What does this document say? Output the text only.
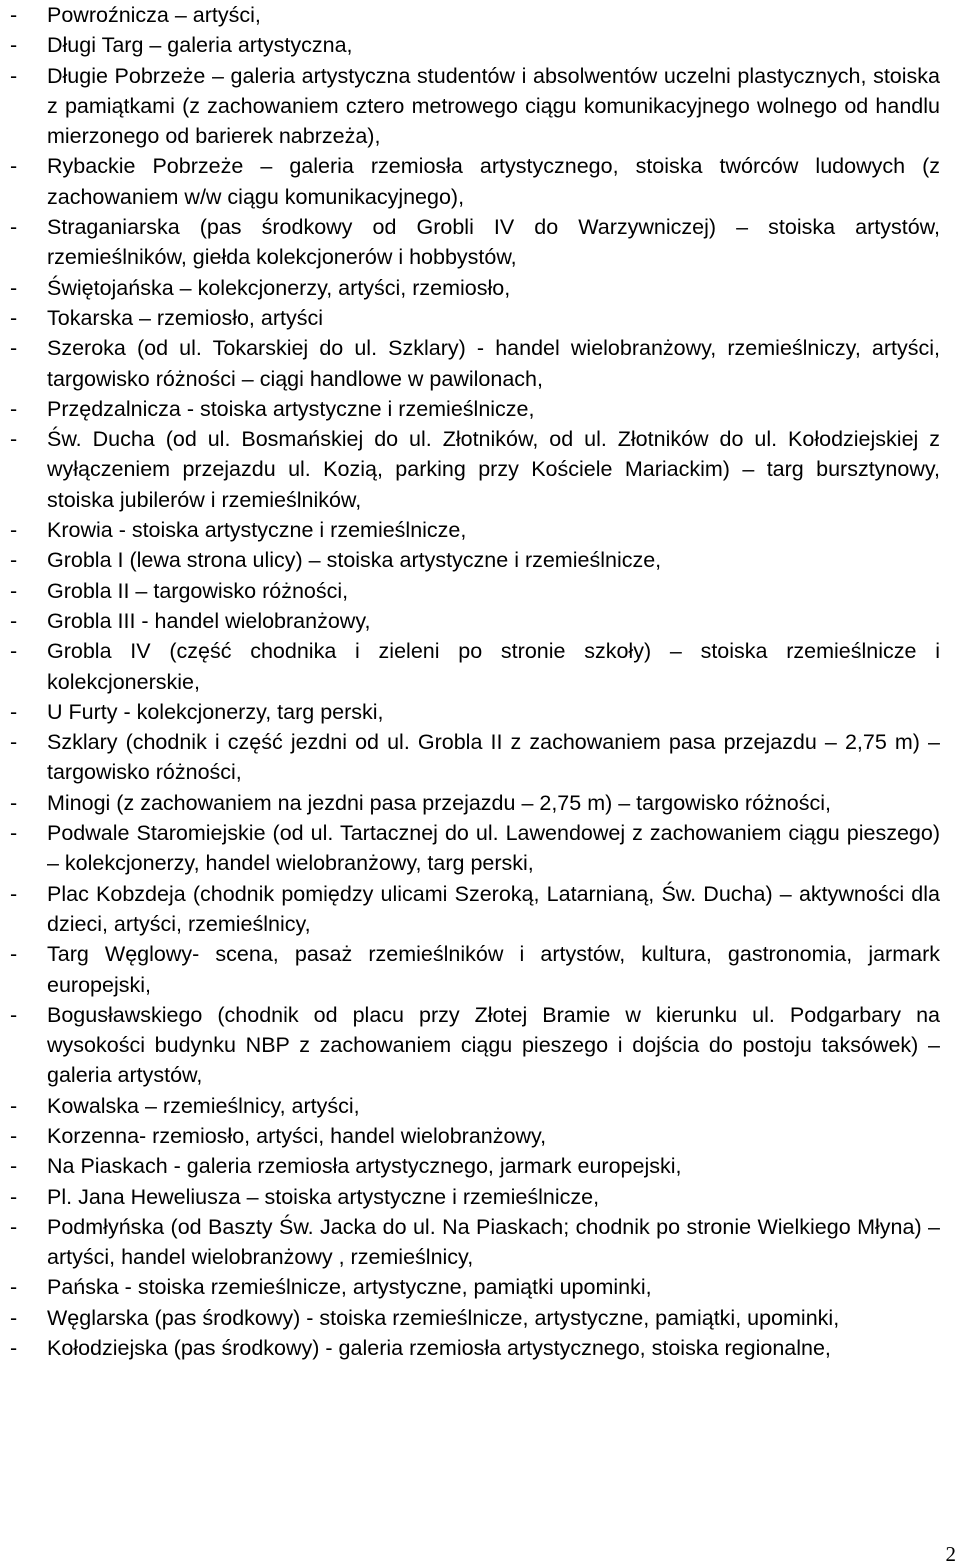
-	Powroźnicza – artyści,
-	Długi Targ – galeria artystyczna,
-	Długie Pobrzeże – galeria artystyczna studentów i absolwentów uczelni plastycznych, stoiska z pamiątkami (z zachowaniem cztero metrowego ciągu komunikacyjnego wolnego od handlu mierzonego od barierek nabrzeża),
-	Rybackie Pobrzeże – galeria rzemiosła artystycznego, stoiska twórców ludowych (z zachowaniem w/w ciągu komunikacyjnego),
-	Straganiarska (pas środkowy od Grobli IV do Warzywniczej) – stoiska artystów, rzemieślników, giełda kolekcjonerów i hobbystów,
-	Świętojańska – kolekcjonerzy, artyści, rzemiosło,
-	Tokarska – rzemiosło, artyści
-	Szeroka (od ul. Tokarskiej do ul. Szklary) - handel wielobranżowy, rzemieślniczy, artyści, targowisko różności – ciągi handlowe w pawilonach,
-	Przędzalnicza - stoiska artystyczne i rzemieślnicze,
-	Św. Ducha (od ul. Bosmańskiej do ul. Złotników, od ul. Złotników do ul. Kołodziejskiej z wyłączeniem przejazdu ul. Kozią, parking przy Kościele Mariackim) – targ bursztynowy, stoiska jubilerów i rzemieślników,
-	Krowia - stoiska artystyczne i rzemieślnicze,
-	Grobla I (lewa strona ulicy) – stoiska artystyczne i rzemieślnicze,
-	Grobla II – targowisko różności,
-	Grobla III - handel wielobranżowy,
-	Grobla IV (część chodnika i zieleni po stronie szkoły) – stoiska rzemieślnicze i kolekcjonerskie,
-	U Furty - kolekcjonerzy, targ perski,
-	Szklary (chodnik i część jezdni od ul. Grobla II z zachowaniem pasa przejazdu – 2,75 m) – targowisko różności,
-	Minogi (z zachowaniem na jezdni pasa przejazdu – 2,75 m) – targowisko różności,
-	Podwale Staromiejskie (od ul. Tartacznej do ul. Lawendowej z zachowaniem ciągu pieszego) – kolekcjonerzy, handel wielobranżowy, targ perski,
-	Plac Kobzdeja (chodnik pomiędzy ulicami Szeroką, Latarnianą, Św. Ducha) – aktywności dla dzieci, artyści, rzemieślnicy,
-	Targ Węglowy- scena, pasaż rzemieślników i artystów, kultura, gastronomia, jarmark europejski,
-	Bogusławskiego (chodnik od placu przy Złotej Bramie w kierunku ul. Podgarbary na wysokości budynku NBP z zachowaniem ciągu pieszego i dojścia do postoju taksówek) – galeria artystów,
-	Kowalska – rzemieślnicy, artyści,
-	Korzenna- rzemiosło, artyści, handel wielobranżowy,
-	Na Piaskach - galeria rzemiosła artystycznego, jarmark europejski,
-	Pl. Jana Heweliusza – stoiska artystyczne i rzemieślnicze,
-	Podmłyńska (od Baszty Św. Jacka do ul. Na Piaskach; chodnik po stronie Wielkiego Młyna) – artyści, handel wielobranżowy , rzemieślnicy,
-	Pańska - stoiska rzemieślnicze, artystyczne, pamiątki upominki,
-	Węglarska (pas środkowy) - stoiska rzemieślnicze, artystyczne, pamiątki, upominki,
-	Kołodziejska (pas środkowy) - galeria rzemiosła artystycznego, stoiska regionalne,
2
